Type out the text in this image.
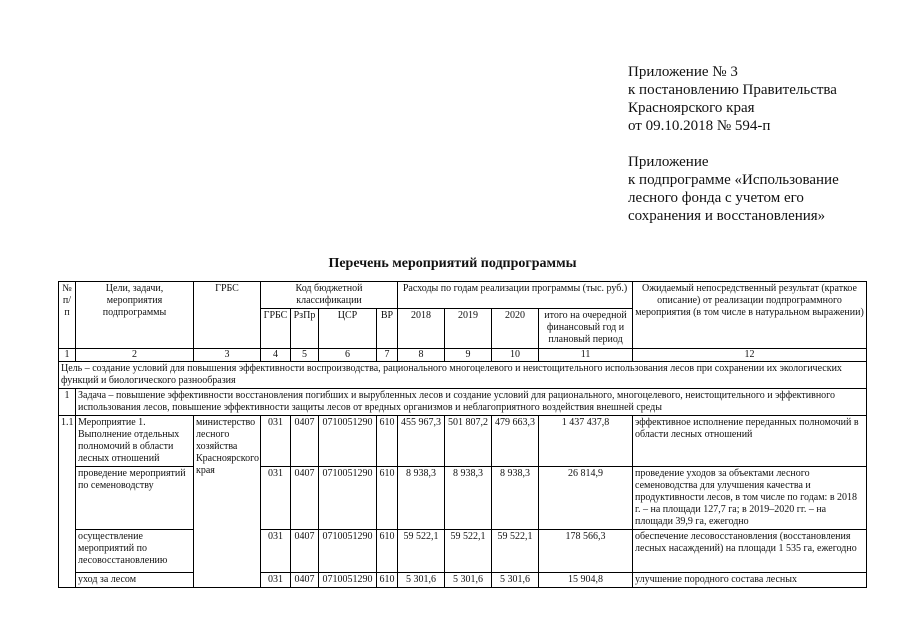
Приложение № 3
к постановлению Правительства
Красноярского края
от 09.10.2018 № 594-п
Приложение
к подпрограмме «Использование
лесного фонда с учетом его
сохранения и восстановления»
Перечень мероприятий подпрограммы
№ п/п	Цели, задачи, мероприятия подпрограммы	ГРБС	Код бюджетной классификации				Расходы по годам реализации программы (тыс. руб.)				Ожидаемый непосредственный результат (краткое описание) от реализации подпрограммного мероприятия (в том числе в натуральном выражении)
			ГРБС	РзПр	ЦСР	ВР	2018	2019	2020	итого на очередной финансовый год и плановый период	
1	2	3	4	5	6	7	8	9	10	11	12
Цель – создание условий для повышения эффективности воспроизводства, рационального многоцелевого и неистощительного использования лесов при сохранении их экологических функций и биологического разнообразия											
1	Задача – повышение эффективности восстановления погибших и вырубленных лесов и создание условий для рационального, многоцелевого, неистощительного и эффективного использования лесов, повышение эффективности защиты лесов от вредных организмов и неблагоприятного воздействия внешней среды										
1.1	Мероприятие 1. Выполнение отдельных полномочий в области лесных отношений	министерство лесного хозяйства Красноярского края	031	0407	0710051290	610	455 967,3	501 807,2	479 663,3	1 437 437,8	эффективное исполнение переданных полномочий в области лесных отношений
	проведение мероприятий по семеноводству		031	0407	0710051290	610	8 938,3	8 938,3	8 938,3	26 814,9	проведение уходов за объектами лесного семеноводства для улучшения качества и продуктивности лесов, в том числе по годам: в 2018 г. – на площади 127,7 га; в 2019–2020 гг. – на площади 39,9 га, ежегодно
	осуществление мероприятий по лесовосстановлению		031	0407	0710051290	610	59 522,1	59 522,1	59 522,1	178 566,3	обеспечение лесовосстановления (восстановления лесных насаждений) на площади 1 535 га, ежегодно
	уход за лесом		031	0407	0710051290	610	5 301,6	5 301,6	5 301,6	15 904,8	улучшение породного состава лесных
